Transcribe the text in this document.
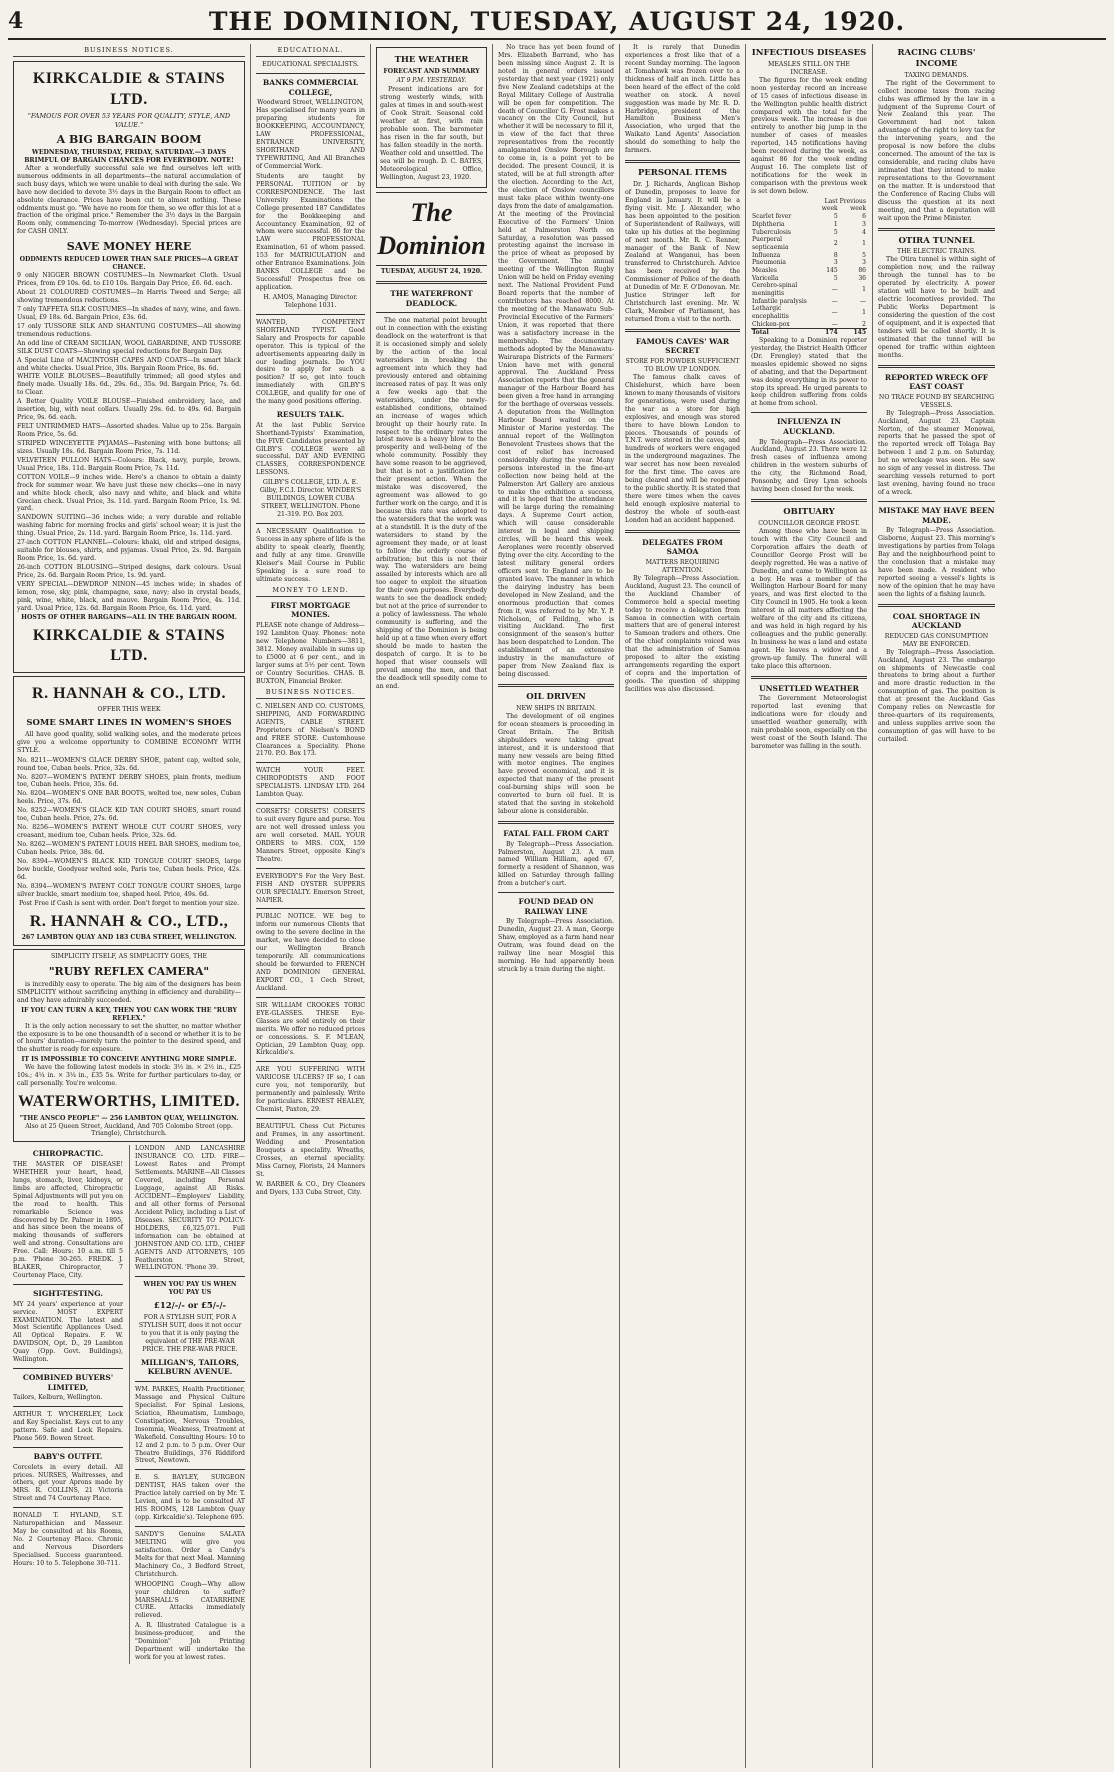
4	THE DOMINION, TUESDAY, AUGUST 24, 1920.
BUSINESS NOTICES.
KIRKCALDIE & STAINS LTD.
"FAMOUS FOR OVER 53 YEARS FOR QUALITY, STYLE, AND VALUE."
A BIG BARGAIN BOOM
WEDNESDAY, THURSDAY, FRIDAY, SATURDAY.—3 DAYS BRIMFUL OF BARGAIN CHANCES FOR EVERYBODY. NOTE!

After a wonderfully successful sale we find ourselves left with numerous oddments in all departments—the natural accumulation of such busy days, which we were unable to deal with during the sale. We have now decided to devote 3½ days in the Bargain Room to effect an absolute clearance. Prices have been cut to almost nothing. These oddments must go. "We have no room for them, so we offer this lot at a fraction of the original price." Remember the 3½ days in the Bargain Room only, commencing To-morrow (Wednesday). Special prices are for CASH ONLY.

SAVE MONEY HERE
ODDMENTS REDUCED LOWER THAN SALE PRICES—A GREAT CHANCE.

9 only NIGGER BROWN COSTUMES—In Newmarket Cloth. Usual Prices, from £9 10s. 6d. to £10 10s. Bargain Day Price, £6. 6d. each.

About 21 COLOURED COSTUMES—In Harris Tweed and Serge; all showing tremendous reductions.

7 only TAFFETA SILK COSTUMES—In shades of navy, wine, and fawn. Usual, £9 18s. 6d. Bargain Price, £3s. 6d.

17 only TUSSORE SILK AND SHANTUNG COSTUMES—All showing tremendous reductions.

An odd line of CREAM SICILIAN, WOOL GABARDINE, AND TUSSORE SILK DUST COATS—Showing special reductions for Bargain Day.

A Special Line of MACINTOSH CAPES AND COATS—In smart black and white checks. Usual Price, 30s. Bargain Room Price, 8s. 6d.

WHITE VOILE BLOUSES—Beautifully trimmed; all good styles and finely made. Usually 18s. 6d., 29s. 6d., 35s. 9d. Bargain Price, 7s. 6d. to Clear.

A Better Quality VOILE BLOUSE—Finished embroidery, lace, and insertion, big, with neat collars. Usually 29s. 6d. to 49s. 6d. Bargain Price, 9s. 6d. each.

FELT UNTRIMMED HATS—Assorted shades. Value up to 25s. Bargain Room Price, 5s. 6d.

STRIPED WINCEYETTE PYJAMAS—Fastening with bone buttons; all sizes. Usually 18s. 6d. Bargain Room Price, 7s. 11d.

VELVETEEN PULLON HATS—Colours: Black, navy, purple, brown. Usual Price, 18s. 11d. Bargain Room Price, 7s. 11d.

COTTON VOILE—9 inches wide. Here's a chance to obtain a dainty frock for summer wear. We have just these new checks—one in navy and white block check, also navy and white, and black and white Grecian check. Usual Price, 3s. 11d. yard. Bargain Room Price, 1s. 9d. yard.

SANDOWN SUITING—36 inches wide; a very durable and reliable washing fabric for morning frocks and girls' school wear; it is just the thing. Usual Price, 2s. 11d. yard. Bargain Room Price, 1s. 11d. yard.

27-inch COTTON FLANNEL—Colours: khaki, old and striped designs, suitable for blouses, shirts, and pyjamas. Usual Price, 2s. 9d. Bargain Room Price, 1s. 6d. yard.

26-inch COTTON BLOUSING—Striped designs, dark colours. Usual Price, 2s. 6d. Bargain Room Price, 1s. 9d. yard.

VERY SPECIAL—DEWDROP NINON—45 inches wide; in shades of lemon, rose, sky, pink, champagne, saxe, navy; also in crystal beads, pink, wine, white, black, and mauve. Bargain Room Price, 4s. 11d. yard. Usual Price, 12s. 6d. Bargain Room Price, 6s. 11d. yard.

HOSTS OF OTHER BARGAINS—ALL IN THE BARGAIN ROOM.
KIRKCALDIE & STAINS LTD.
R. HANNAH & CO., LTD.
OFFER THIS WEEK
SOME SMART LINES IN WOMEN'S SHOES

All have good quality, solid walking soles, and the moderate prices give you a welcome opportunity to COMBINE ECONOMY WITH STYLE.

No. 8211—WOMEN'S GLACE DERBY SHOE, patent cap, welted sole, round toe, Cuban heels. Price, 32s. 6d.

No. 8207—WOMEN'S PATENT DERBY SHOES, plain fronts, medium toe, Cuban heels. Price, 35s. 6d.

No. 8204—WOMEN'S ONE BAR BOOTS, welted toe, new soles, Cuban heels. Price, 37s. 6d.

No. 8252—WOMEN'S GLACE KID TAN COURT SHOES, smart round toe, Cuban heels. Price, 27s. 6d.

No. 8256—WOMEN'S PATENT WHOLE CUT COURT SHOES, very creasant, medium toe, Cuban heels. Price, 32s. 6d.

No. 8262—WOMEN'S PATENT LOUIS HEEL BAR SHOES, medium toe, Cuban heels. Price, 38s. 6d.

No. 8394—WOMEN'S BLACK KID TONGUE COURT SHOES, large bow buckle, Goodyear welted sole, Paris toe, Cuban heels. Price, 42s. 6d.

No. 8394—WOMEN'S PATENT COLT TONGUE COURT SHOES, large silver buckle, smart medium toe, shaped heel. Price, 49s. 6d.

Post Free if Cash is sent with order. Don't forget to mention your size.

R. HANNAH & CO., LTD.,
267 LAMBTON QUAY AND 183 CUBA STREET, WELLINGTON.
SIMPLICITY ITSELF, AS SIMPLICITY GOES, THE
"RUBY REFLEX CAMERA"

is incredibly easy to operate. The big aim of the designers has been SIMPLICITY without sacrificing anything in efficiency and durability—and they have admirably succeeded.

IF YOU CAN TURN A KEY, THEN YOU CAN WORK THE "RUBY REFLEX."

It is the only action necessary to set the shutter, no matter whether the exposure is to be one thousandth of a second or whether it is to be of hours' duration—merely turn the pointer to the desired speed, and the shutter is ready for exposure.

IT IS IMPOSSIBLE TO CONCEIVE ANYTHING MORE SIMPLE.

We have the following latest models in stock: 3½ in. × 2½ in., £25 10s.; 4¼ in. × 3¼ in., £35 5s. Write for further particulars to-day, or call personally. You're welcome.

WATERWORTHS, LIMITED.
"THE ANSCO PEOPLE" — 256 LAMBTON QUAY, WELLINGTON.
Also at 25 Queen Street, Auckland, And 705 Colombo Street (opp. Triangle), Christchurch.
CHIROPRACTIC.

THE MASTER OF DISEASE! WHETHER your heart, head, lungs, stomach, liver, kidneys, or limbs are affected, Chiropractic Spinal Adjustments will put you on the road to health. This remarkable Science was discovered by Dr. Palmer in 1895, and has since been the means of making thousands of sufferers well and strong. Consultations are Free. Call: Hours: 10 a.m. till 5 p.m. 'Phone 30-265. FREDK. J. BLAKER, Chiropractor, 7 Courtenay Place, City.

SIGHT-TESTING.

MY 24 years' experience at your service. MOST EXPERT EXAMINATION. The latest and Most Scientific Appliances Used. All Optical Repairs. F. W. DAVIDSON, Opt. D., 29 Lambton Quay (Opp. Govt. Buildings), Wellington.

COMBINED BUYERS' LIMITED,

Tailors, Kelburn, Wellington.

ARTHUR T. WYCHERLEY, Lock and Key Specialist. Keys cut to any pattern. Safe and Lock Repairs. Phone 569. Bowen Street.

BABY'S OUTFIT.

Corcelets in every detail. All prices. NURSES, Waitresses, and others, get your Aprons made by MRS. R. COLLINS, 21 Victoria Street and 74 Courtenay Place.

RONALD T. HYLAND, S.T. Naturopathician and Masseur. May be consulted at his Rooms, No. 2 Courtenay Place. Chronic and Nervous Disorders Specialised. Success guaranteed. Hours: 10 to 5. Telephone 30-711.

LONDON AND LANCASHIRE INSURANCE CO. LTD. FIRE—Lowest Rates and Prompt Settlements. MARINE—All Classes Covered, including Personal Luggage, against All Risks. ACCIDENT—Employers' Liability, and all other forms of Personal Accident Policy, including a List of Diseases. SECURITY TO POLICY-HOLDERS, £6,325,071. Full information can be obtained at JOHNSTON AND CO. LTD., CHIEF AGENTS AND ATTORNEYS, 105 Featherston Street, WELLINGTON. 'Phone 39.

WHEN YOU PAY US WHEN YOU PAY US
£12/-/- or £5/-/-

FOR A STYLISH SUIT, FOR A STYLISH SUIT, does it not occur to you that it is only paying the equivalent of THE PRE-WAR PRICE. THE PRE-WAR PRICE.

MILLIGAN'S, TAILORS, KELBURN AVENUE.

WM. PARKES, Health Practitioner, Massage and Physical Culture Specialist. For Spinal Lesions, Sciatica, Rheumatism, Lumbago, Constipation, Nervous Troubles, Insomnia, Weakness, Treatment at Wakefield. Consulting Hours: 10 to 12 and 2 p.m. to 5 p.m. Over Our Theatre Buildings, 376 Riddiford Street, Newtown.

E. S. BAYLEY, SURGEON DENTIST, HAS taken over the Practice lately carried on by Mr. T. Levien, and is to be consulted AT HIS ROOMS, 128 Lambton Quay (opp. Kirkcaldie's). Telephone 695.

SANDY'S Genuine SALATA MELTING will give you satisfaction. Order a Candy's Melts for that next Meal. Manning Machinery Co., 3 Bedford Street, Christchurch.

WHOOPING Cough—Why allow your children to suffer? MARSHALL'S CATARRHINE CURE. Attacks immediately relieved.

A. R. Illustrated Catalogue is a business-producer, and the "Dominion" Job Printing Department will undertake the work for you at lowest rates.

EDUCATIONAL.
EDUCATIONAL SPECIALISTS.
BANKS COMMERCIAL COLLEGE,
Woodward Street, WELLINGTON,

Has specialised for many years in preparing students for BOOKKEEPING, ACCOUNTANCY, LAW PROFESSIONAL, ENTRANCE UNIVERSITY, SHORTHAND AND TYPEWRITING, And All Branches of Commercial Work.

Students are taught by PERSONAL TUITION or by CORRESPONDENCE. The last University Examinations the College presented 187 Candidates for the Bookkeeping and Accountancy Examination, 92 of whom were successful. 86 for the LAW PROFESSIONAL Examination, 61 of whom passed. 153 for MATRICULATION and other Entrance Examinations. Join BANKS COLLEGE and be Successful! Prospectus free on application.

H. AMOS, Managing Director. Telephone 1031.

WANTED, COMPETENT SHORTHAND TYPIST. Good Salary and Prospects for capable operator. This is typical of the advertisements appearing daily in our leading journals. Do YOU desire to apply for such a position? If so, get into touch immediately with GILBY'S COLLEGE, and qualify for one of the many good positions offering.

RESULTS TALK.

At the last Public Service Shorthand-Typists' Examination, the FIVE Candidates presented by GILBY'S COLLEGE were all successful. DAY AND EVENING CLASSES, CORRESPONDENCE LESSONS.

GILBY'S COLLEGE, LTD. A. E. Gilby, F.C.I. Director. WINDER'S BUILDINGS, LOWER CUBA STREET, WELLINGTON. Phone 21-319. P.O. Box 203.

A NECESSARY Qualification to Success in any sphere of life is the ability to speak clearly, fluently, and fully at any time. Grenville Kleiser's Mail Course in Public Speaking is a sure road to ultimate success.

MONEY TO LEND.
FIRST MORTGAGE MONIES.

PLEASE note change of Address—192 Lambton Quay. Phones: note new Telephone Numbers—3811, 3812. Money available in sums up to £5000 at 6 per cent., and in larger sums at 5½ per cent. Town or Country Securities. CHAS. B. BUXTON, Financial Broker.

BUSINESS NOTICES.

C. NIELSEN AND CO. CUSTOMS, SHIPPING, AND FORWARDING AGENTS, CABLE STREET. Proprietors of Nielsen's BOND and FREE STORE. Customhouse Clearances a Speciality. Phone 2170. P.O. Box 173.

WATCH YOUR FEET. CHIROPODISTS AND FOOT SPECIALISTS. LINDSAY LTD. 264 Lambton Quay.

CORSETS! CORSETS! CORSETS to suit every figure and purse. You are not well dressed unless you are well corseted. MAIL YOUR ORDERS to MRS. COX, 159 Manners Street, opposite King's Theatre.

EVERYBODY'S For the Very Best. FISH AND OYSTER SUPPERS OUR SPECIALTY. Emerson Street, NAPIER.

PUBLIC NOTICE. WE beg to inform our numerous Clients that owing to the severe decline in the market, we have decided to close our Wellington Branch temporarily. All communications should be forwarded to FRENCH AND DOMINION GENERAL EXPORT CO., 1 Cech Street, Auckland.

SIR WILLIAM CROOKES TORIC EYE-GLASSES. THESE Eye-Glasses are sold entirely on their merits. We offer no reduced prices or concessions. S. F. M'LEAN, Optician, 29 Lambton Quay, opp. Kirkcaldie's.

ARE YOU SUFFERING WITH VARICOSE ULCERS? IF so, I can cure you, not temporarily, but permanently and painlessly. Write for particulars. ERNEST HEALEY, Chemist, Paxton, 29.

BEAUTIFUL Chess Cut Pictures and Frames, in any assortment. Wedding and Presentation Bouquets a speciality. Wreaths, Crosses, an eternal speciality. Miss Carney, Florists, 24 Manners St.

W. BARBER & CO., Dry Cleaners and Dyers, 133 Cuba Street, City.

THE WEATHER
FORECAST AND SUMMARY
AT 9 P.M. YESTERDAY.

Present indications are for strong westerly winds, with gales at times in and south-west of Cook Strait. Seasonal cold weather at first, with rain probable soon. The barometer has risen in the far south, but has fallen steadily in the north. Weather cold and unsettled. The sea will be rough. D. C. BATES, Meteorological Office, Wellington, August 23, 1920.

The Dominion
TUESDAY, AUGUST 24, 1920.
THE WATERFRONT DEADLOCK.

The one material point brought out in connection with the existing deadlock on the waterfront is that it is occasioned simply and solely by the action of the local watersiders in breaking the agreement into which they had previously entered and obtaining increased rates of pay. It was only a few weeks ago that the watersiders, under the newly-established conditions, obtained an increase of wages which brought up their hourly rate. In respect to the ordinary rates the latest move is a heavy blow to the prosperity and well-being of the whole community. Possibly they have some reason to be aggrieved, but that is not a justification for their present action. When the mistake was discovered, the agreement was allowed to go further work on the cargo, and it is because this rate was adopted to the watersiders that the work was at a standstill. It is the duty of the watersiders to stand by the agreement they made, or at least to follow the orderly course of arbitration; but this is not their way. The watersiders are being assailed by interests which are all too eager to exploit the situation for their own purposes. Everybody wants to see the deadlock ended; but not at the price of surrender to a policy of lawlessness. The whole community is suffering, and the shipping of the Dominion is being held up at a time when every effort should be made to hasten the despatch of cargo. It is to be hoped that wiser counsels will prevail among the men, and that the deadlock will speedily come to an end.

No trace has yet been found of Mrs. Elizabeth Barrand, who has been missing since August 2. It is noted in general orders issued yesterday that next year (1921) only five New Zealand cadetships at the Royal Military College of Australia will be open for competition. The death of Councillor G. Frost makes a vacancy on the City Council, but whether it will be necessary to fill it, in view of the fact that three representatives from the recently amalgamated Onslow Borough are to come in, is a point yet to be decided. The present Council, it is stated, will be at full strength after the election. According to the Act, the election of Onslow councillors must take place within twenty-one days from the date of amalgamation. At the meeting of the Provincial Executive of the Farmers' Union held at Palmerston North on Saturday, a resolution was passed protesting against the increase in the price of wheat as proposed by the Government. The annual meeting of the Wellington Rugby Union will be held on Friday evening next. The National Provident Fund Board reports that the number of contributors has reached 8000. At the meeting of the Manawatu Sub-Provincial Executive of the Farmers' Union, it was reported that there was a satisfactory increase in the membership. The documentary methods adopted by the Manawatu-Wairarapa Districts of the Farmers' Union have met with general approval. The Auckland Press Association reports that the general manager of the Harbour Board has been given a free hand in arranging for the berthage of overseas vessels. A deputation from the Wellington Harbour Board waited on the Minister of Marine yesterday. The annual report of the Wellington Benevolent Trustees shows that the cost of relief has increased considerably during the year. Many persons interested in the fine-art collection now being held at the Palmerston Art Gallery are anxious to make the exhibition a success, and it is hoped that the attendance will be large during the remaining days. A Supreme Court action, which will cause considerable interest in legal and shipping circles, will be heard this week. Aeroplanes were recently observed flying over the city. According to the latest military general orders officers sent to England are to be granted leave. The manner in which the dairying industry has been developed in New Zealand, and the enormous production that comes from it, was referred to by Mr. Y. P. Nicholson, of Feilding, who is visiting Auckland. The first consignment of the season's butter has been despatched to London. The establishment of an extensive industry in the manufacture of paper from New Zealand flax is being discussed.

OIL DRIVEN
NEW SHIPS IN BRITAIN.

The development of oil engines for ocean steamers is proceeding in Great Britain. The British shipbuilders were taking great interest, and it is understood that many new vessels are being fitted with motor engines. The engines have proved economical, and it is expected that many of the present coal-burning ships will soon be converted to burn oil fuel. It is stated that the saving in stokehold labour alone is considerable.

FATAL FALL FROM CART

By Telegraph—Press Association. Palmerston, August 23. A man named William Hilliam, aged 67, formerly a resident of Shannon, was killed on Saturday through falling from a butcher's cart.

FOUND DEAD ON RAILWAY LINE

By Telegraph—Press Association. Dunedin, August 23. A man, George Shaw, employed as a farm hand near Outram, was found dead on the railway line near Mosgiel this morning. He had apparently been struck by a train during the night.

It is rarely that Dunedin experiences a frost like that of a recent Sunday morning. The lagoon at Tomahawk was frozen over to a thickness of half an inch. Little has been heard of the effect of the cold weather on stock. A novel suggestion was made by Mr. R. D. Harbridge, president of the Hamilton Business Men's Association, who urged that the Waikato Land Agents' Association should do something to help the farmers.

PERSONAL ITEMS

Dr. J. Richards, Anglican Bishop of Dunedin, proposes to leave for England in January. It will be a flying visit. Mr. J. Alexander, who has been appointed to the position of Superintendent of Railways, will take up his duties at the beginning of next month. Mr. R. C. Renner, manager of the Bank of New Zealand at Wanganui, has been transferred to Christchurch. Advice has been received by the Commissioner of Police of the death at Dunedin of Mr. F. O'Donovan. Mr. Justice Stringer left for Christchurch last evening. Mr. W. Clark, Member of Parliament, has returned from a visit to the north.

FAMOUS CAVES' WAR SECRET
STORE FOR POWDER SUFFICIENT TO BLOW UP LONDON.

The famous chalk caves of Chislehurst, which have been known to many thousands of visitors for generations, were used during the war as a store for high explosives, and enough was stored there to have blown London to pieces. Thousands of pounds of T.N.T. were stored in the caves, and hundreds of workers were engaged in the underground magazines. The war secret has now been revealed for the first time. The caves are being cleared and will be reopened to the public shortly. It is stated that there were times when the caves held enough explosive material to destroy the whole of south-east London had an accident happened.

DELEGATES FROM SAMOA
MATTERS REQUIRING ATTENTION.

By Telegraph—Press Association. Auckland, August 23. The council of the Auckland Chamber of Commerce held a special meeting today to receive a delegation from Samoa in connection with certain matters that are of general interest to Samoan traders and others. One of the chief complaints voiced was that the administration of Samoa proposed to alter the existing arrangements regarding the export of copra and the importation of goods. The question of shipping facilities was also discussed.

INFECTIOUS DISEASES
MEASLES STILL ON THE INCREASE.

The figures for the week ending noon yesterday record an increase of 15 cases of infectious disease in the Wellington public health district compared with the total for the previous week. The increase is due entirely to another big jump in the number of cases of measles reported, 145 notifications having been received during the week, as against 86 for the week ending August 16. The complete list of notifications for the week in comparison with the previous week is set down below.

	Last week	Previous week
Scarlet fever	5	6
Diphtheria	1	3
Tuberculosis	5	4
Puerperal septicaemia	2	1
Influenza	8	5
Pneumonia	3	3
Measles	145	86
Varicella	5	36
Cerebro-spinal meningitis	—	1
Infantile paralysis	—	—
Lethargic encephalitis	—	1
Chicken-pox	—	2
Total	174	145

Speaking to a Dominion reporter yesterday, the District Health Officer (Dr. Frengley) stated that the measles epidemic showed no signs of abating, and that the Department was doing everything in its power to stop its spread. He urged parents to keep children suffering from colds at home from school.

INFLUENZA IN AUCKLAND.

By Telegraph—Press Association. Auckland, August 23. There were 12 fresh cases of influenza among children in the western suburbs of the city, the Richmond Road, Ponsonby, and Grey Lynn schools having been closed for the week.

OBITUARY
COUNCILLOR GEORGE FROST.

Among those who have been in touch with the City Council and Corporation affairs the death of Councillor George Frost will be deeply regretted. He was a native of Dunedin, and came to Wellington as a boy. He was a member of the Wellington Harbour Board for many years, and was first elected to the City Council in 1905. He took a keen interest in all matters affecting the welfare of the city and its citizens, and was held in high regard by his colleagues and the public generally. In business he was a land and estate agent. He leaves a widow and a grown-up family. The funeral will take place this afternoon.

UNSETTLED WEATHER

The Government Meteorologist reported last evening that indications were for cloudy and unsettled weather generally, with rain probable soon, especially on the west coast of the South Island. The barometer was falling in the south.

RACING CLUBS' INCOME
TAXING DEMANDS.

The right of the Government to collect income taxes from racing clubs was affirmed by the law in a judgment of the Supreme Court of New Zealand this year. The Government had not taken advantage of the right to levy tax for the intervening years, and the proposal is now before the clubs concerned. The amount of the tax is considerable, and racing clubs have intimated that they intend to make representations to the Government on the matter. It is understood that the Conference of Racing Clubs will discuss the question at its next meeting, and that a deputation will wait upon the Prime Minister.

OTIRA TUNNEL
THE ELECTRIC TRAINS.

The Otira tunnel is within sight of completion now, and the railway through the tunnel has to be operated by electricity. A power station will have to be built and electric locomotives provided. The Public Works Department is considering the question of the cost of equipment, and it is expected that tenders will be called shortly. It is estimated that the tunnel will be opened for traffic within eighteen months.

REPORTED WRECK OFF EAST COAST
NO TRACE FOUND BY SEARCHING VESSELS.

By Telegraph—Press Association. Auckland, August 23. Captain Norton, of the steamer Monowai, reports that he passed the spot of the reported wreck off Tolaga Bay between 1 and 2 p.m. on Saturday, but no wreckage was seen. He saw no sign of any vessel in distress. The searching vessels returned to port last evening, having found no trace of a wreck.

MISTAKE MAY HAVE BEEN MADE.

By Telegraph—Press Association. Gisborne, August 23. This morning's investigations by parties from Tolaga Bay and the neighbourhood point to the conclusion that a mistake may have been made. A resident who reported seeing a vessel's lights is now of the opinion that he may have seen the lights of a fishing launch.

COAL SHORTAGE IN AUCKLAND
REDUCED GAS CONSUMPTION MAY BE ENFORCED.

By Telegraph—Press Association. Auckland, August 23. The embargo on shipments of Newcastle coal threatens to bring about a further and more drastic reduction in the consumption of gas. The position is that at present the Auckland Gas Company relies on Newcastle for three-quarters of its requirements, and unless supplies arrive soon the consumption of gas will have to be curtailed.
